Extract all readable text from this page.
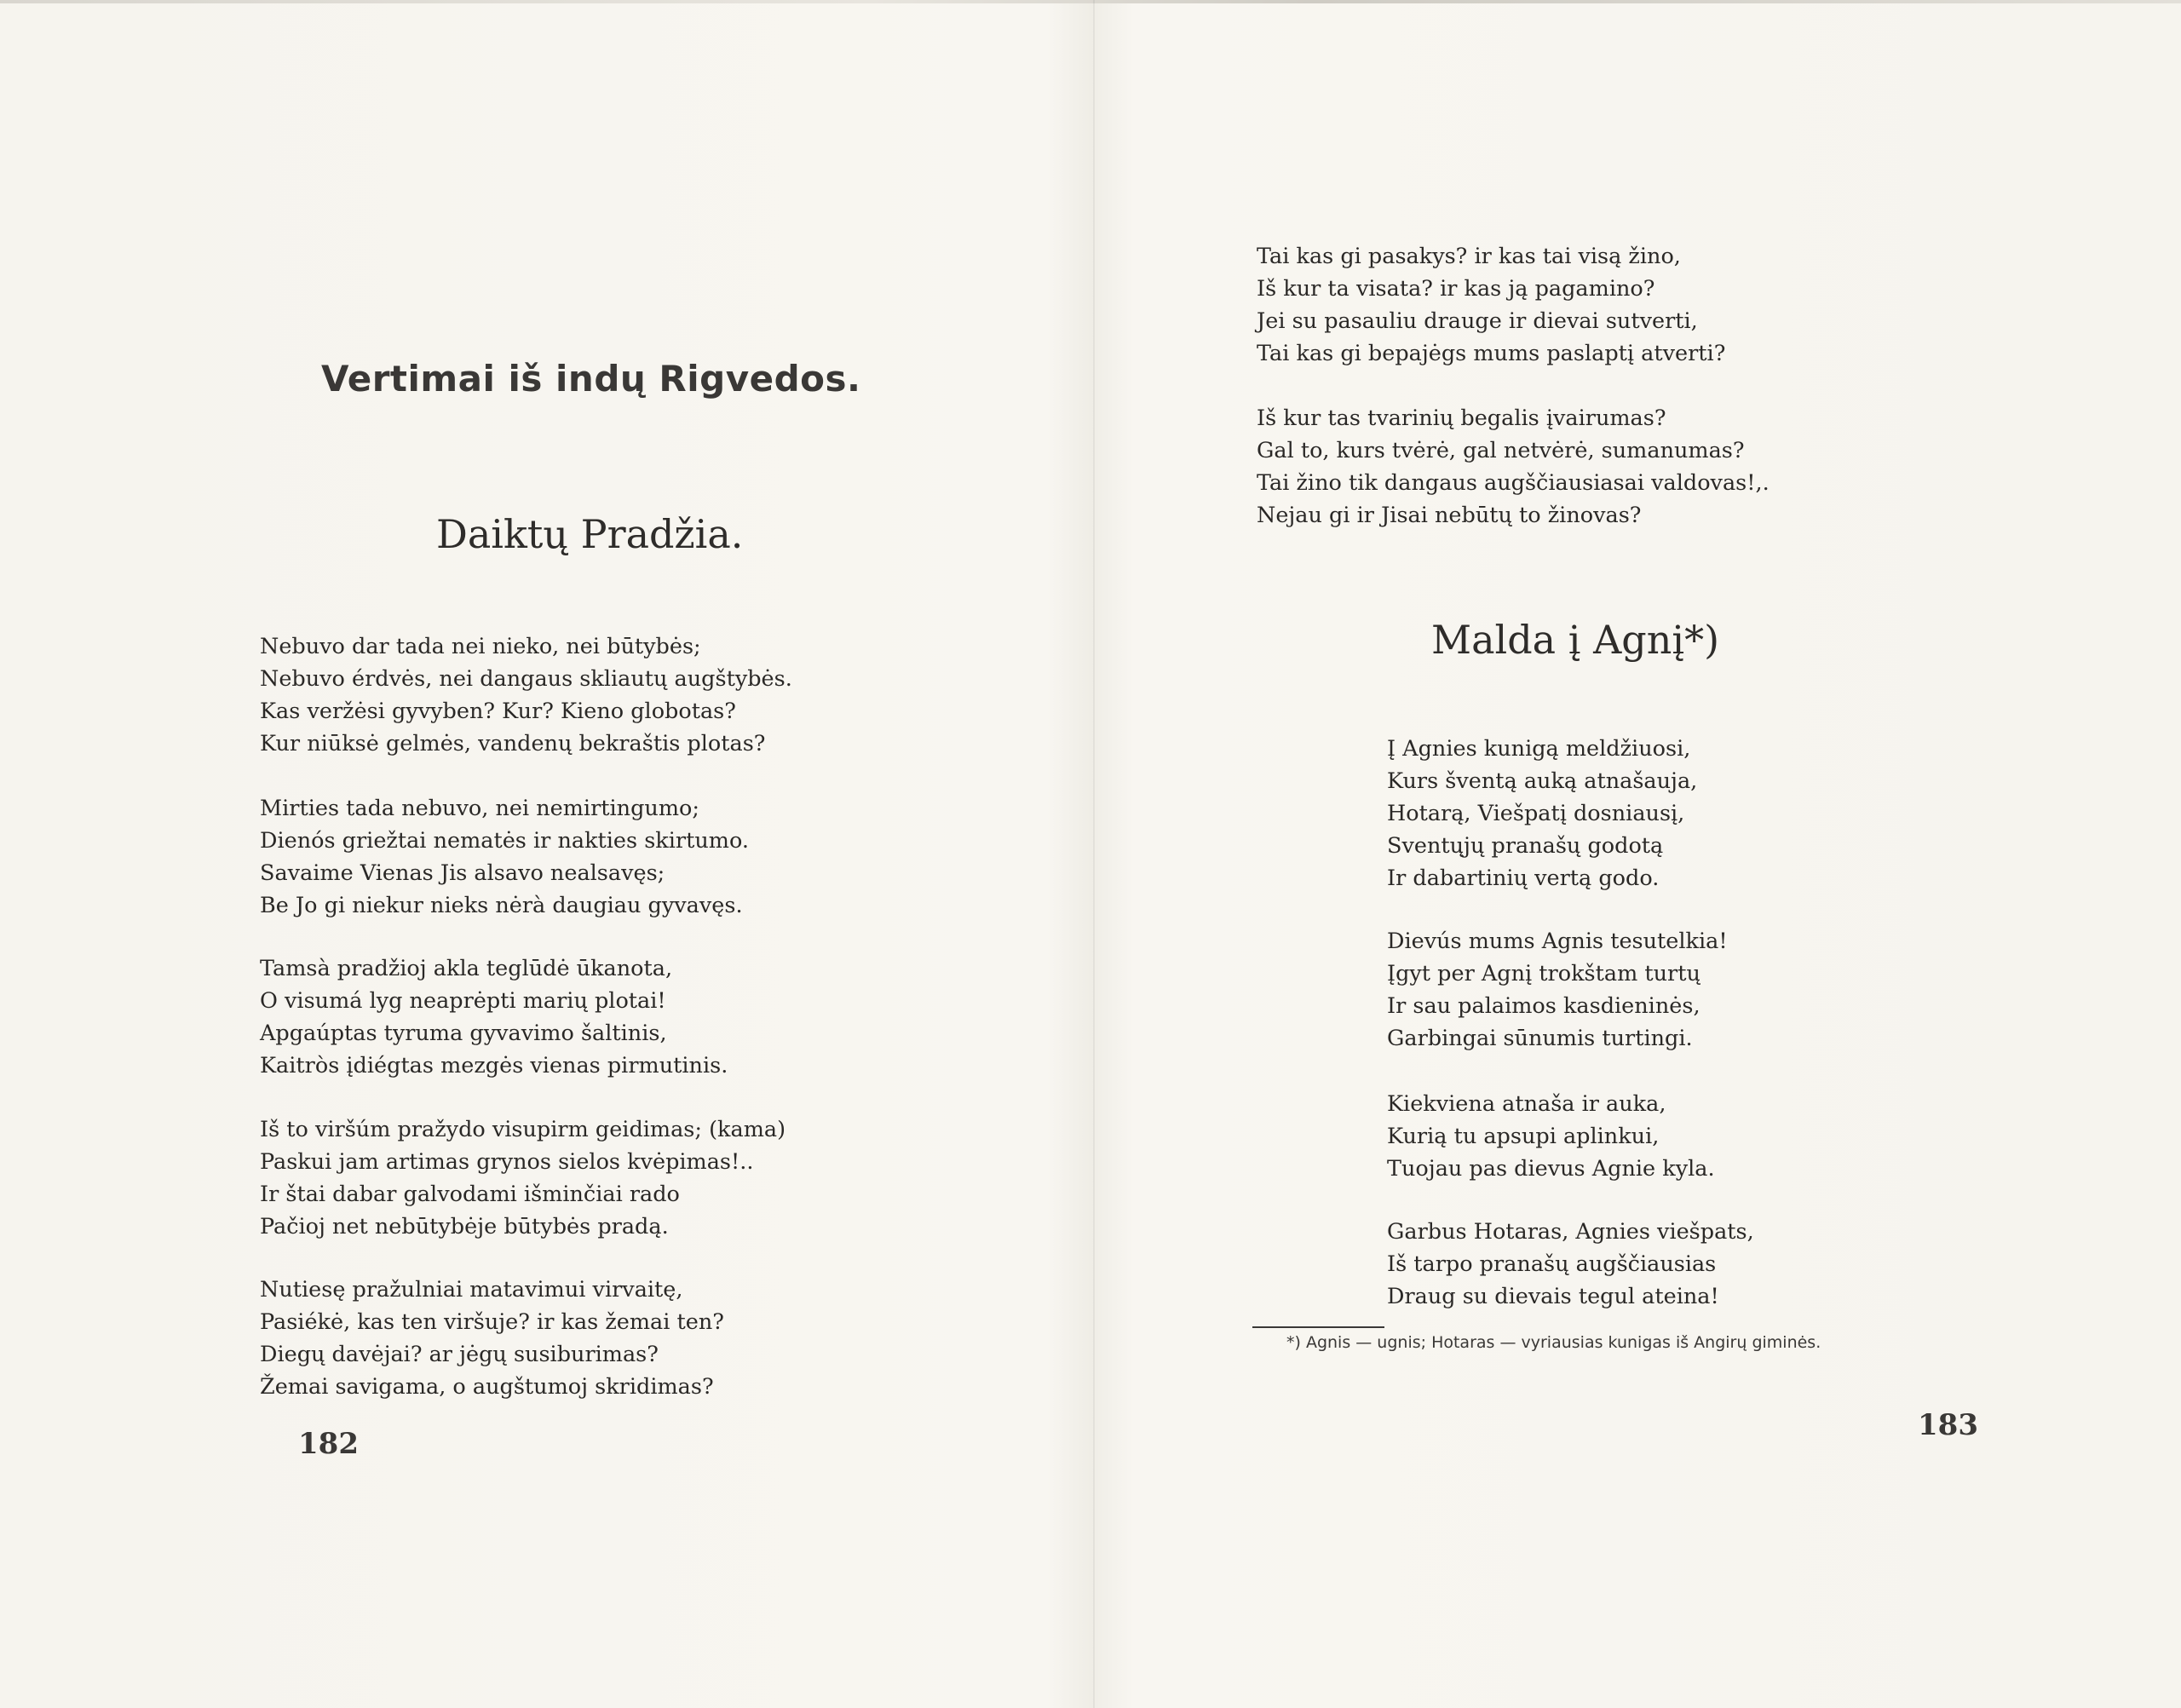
Vertimai iš indų Rigvedos.
Daiktų Pradžia.
Nebuvo dar tada nei nieko, nei būtybės;
Nebuvo érdvės, nei dangaus skliautų augštybės.
Kas veržėsi gyvyben? Kur? Kieno globotas?
Kur niūksė gelmės, vandenų bekraštis plotas?
Mirties tada nebuvo, nei nemirtingumo;
Dienós griežtai nematės ir nakties skirtumo.
Savaime Vienas Jis alsavo nealsavęs;
Be Jo gi niekur nieks nėrà daugiau gyvavęs.
Tamsà pradžioj akla teglūdė ūkanota,
O visumá lyg neaprėpti marių plotai!
Apgaúptas tyruma gyvavimo šaltinis,
Kaitròs įdiégtas mezgės vienas pirmutinis.
Iš to viršúm pražydo visupirm geidimas; (kama)
Paskui jam artimas grynos sielos kvėpimas!..
Ir štai dabar galvodami išminčiai rado
Pačioj net nebūtybėje būtybės pradą.
Nutiesę pražulniai matavimui virvaitę,
Pasiékė, kas ten viršuje? ir kas žemai ten?
Diegų davėjai? ar jėgų susiburimas?
Žemai savigama, o augštumoj skridimas?
182
Tai kas gi pasakys? ir kas tai visą žino,
Iš kur ta visata? ir kas ją pagamino?
Jei su pasauliu drauge ir dievai sutverti,
Tai kas gi bepajėgs mums paslaptį atverti?
Iš kur tas tvarinių begalis įvairumas?
Gal to, kurs tvėrė, gal netvėrė, sumanumas?
Tai žino tik dangaus augščiausiasai valdovas!,.
Nejau gi ir Jisai nebūtų to žinovas?
Malda į Agnį*)
Į Agnies kunigą meldžiuosi,
Kurs šventą auką atnašauja,
Hotarą, Viešpatį dosniausį,
Sventųjų pranašų godotą
Ir dabartinių vertą godo.
Dievús mums Agnis tesutelkia!
Įgyt per Agnį trokštam turtų
Ir sau palaimos kasdieninės,
Garbingai sūnumis turtingi.
Kiekviena atnaša ir auka,
Kurią tu apsupi aplinkui,
Tuojau pas dievus Agnie kyla.
Garbus Hotaras, Agnies viešpats,
Iš tarpo pranašų augščiausias
Draug su dievais tegul ateina!
*) Agnis — ugnis; Hotaras — vyriausias kunigas iš Angirų giminės.
183
